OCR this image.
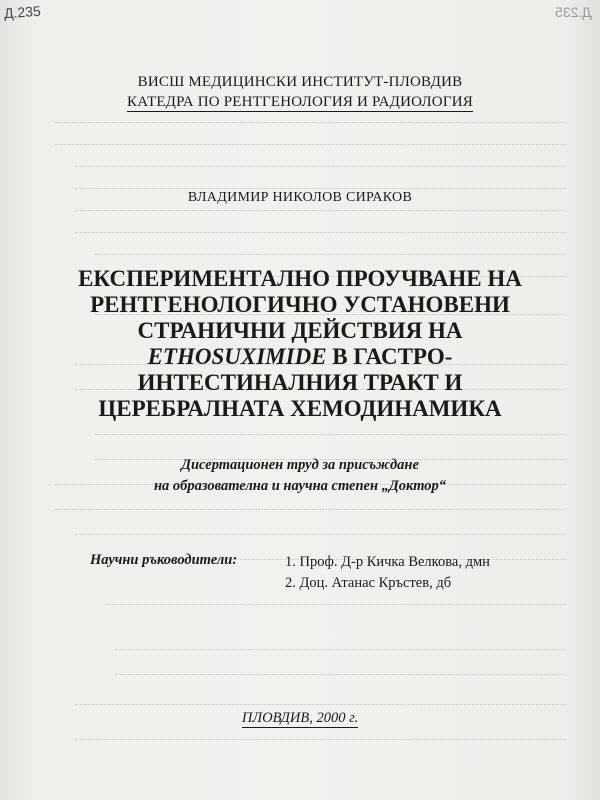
Д.235	Д.235
ВИСШ МЕДИЦИНСКИ ИНСТИТУТ-ПЛОВДИВ
КАТЕДРА ПО РЕНТГЕНОЛОГИЯ И РАДИОЛОГИЯ
ВЛАДИМИР НИКОЛОВ СИРАКОВ
ЕКСПЕРИМЕНТАЛНО ПРОУЧВАНЕ НА
РЕНТГЕНОЛОГИЧНО УСТАНОВЕНИ
СТРАНИЧНИ ДЕЙСТВИЯ НА
ETHOSUXIMIDE В ГАСТРО-
ИНТЕСТИНАЛНИЯ ТРАКТ И
ЦЕРЕБРАЛНАТА ХЕМОДИНАМИКА
Дисертационен труд за присъждане
на образователна и научна степен „Доктор“
Научни ръководители:	1. Проф. Д-р Кичка Велкова, дмн
2. Доц. Атанас Кръстев, дб
ПЛОВДИВ, 2000 г.
